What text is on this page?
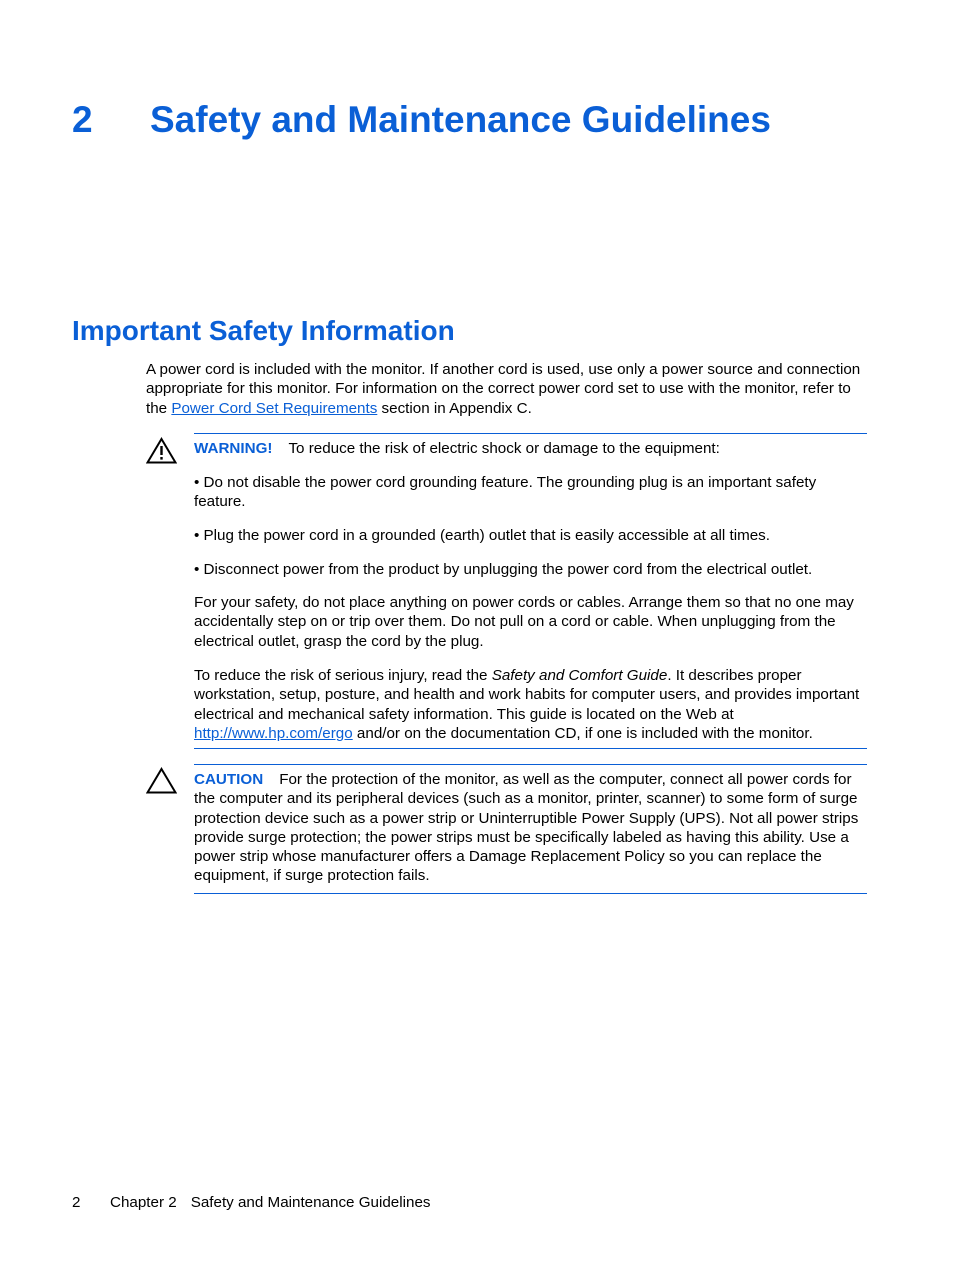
2 Safety and Maintenance Guidelines
Important Safety Information

A power cord is included with the monitor. If another cord is used, use only a power source and connection appropriate for this monitor. For information on the correct power cord set to use with the monitor, refer to the Power Cord Set Requirements section in Appendix C.

WARNING! To reduce the risk of electric shock or damage to the equipment:

• Do not disable the power cord grounding feature. The grounding plug is an important safety feature.

• Plug the power cord in a grounded (earth) outlet that is easily accessible at all times.

• Disconnect power from the product by unplugging the power cord from the electrical outlet.

For your safety, do not place anything on power cords or cables. Arrange them so that no one may accidentally step on or trip over them. Do not pull on a cord or cable. When unplugging from the electrical outlet, grasp the cord by the plug.

To reduce the risk of serious injury, read the Safety and Comfort Guide. It describes proper workstation, setup, posture, and health and work habits for computer users, and provides important electrical and mechanical safety information. This guide is located on the Web at http://www.hp.com/ergo and/or on the documentation CD, if one is included with the monitor.

CAUTION For the protection of the monitor, as well as the computer, connect all power cords for the computer and its peripheral devices (such as a monitor, printer, scanner) to some form of surge protection device such as a power strip or Uninterruptible Power Supply (UPS). Not all power strips provide surge protection; the power strips must be specifically labeled as having this ability. Use a power strip whose manufacturer offers a Damage Replacement Policy so you can replace the equipment, if surge protection fails.

2 Chapter 2 Safety and Maintenance Guidelines
